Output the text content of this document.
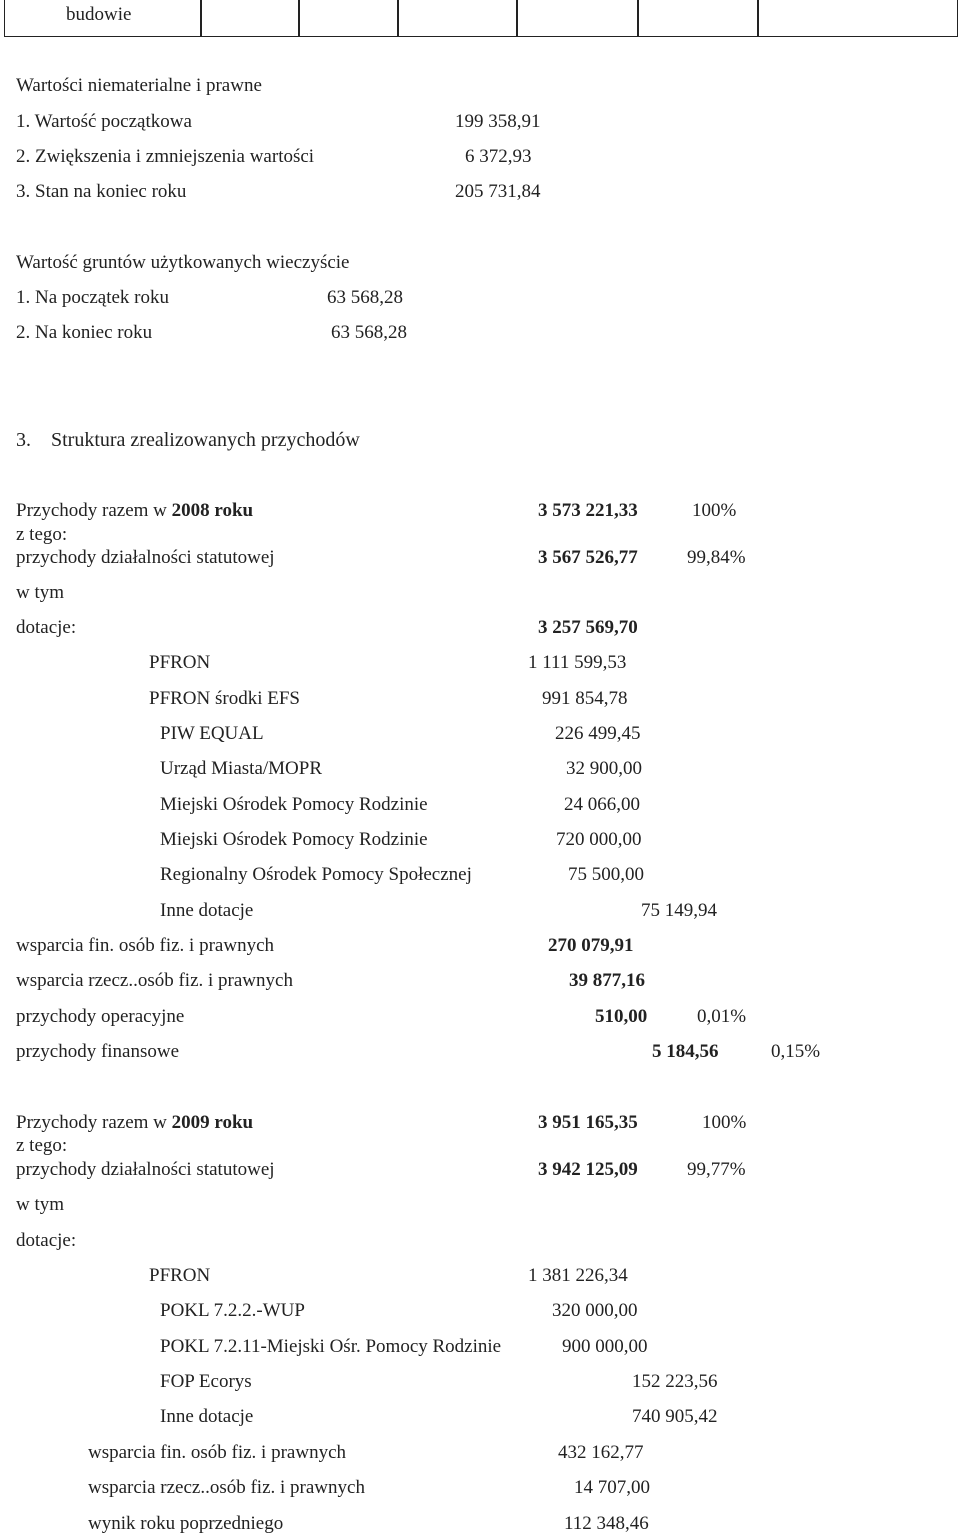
budowie
Wartości niematerialne i prawne
1. Wartość początkowa	199 358,91
2. Zwiększenia i zmniejszenia wartości	6 372,93
3. Stan na koniec roku	205 731,84
Wartość gruntów użytkowanych wieczyście
1. Na początek roku	63 568,28
2. Na koniec roku	63 568,28
3. Struktura zrealizowanych przychodów
Przychody razem w 2008 roku	3 573 221,33	100%
z tego:
przychody działalności statutowej	3 567 526,77	99,84%
w tym
dotacje:	3 257 569,70
PFRON	1 111 599,53
PFRON środki EFS	991 854,78
PIW EQUAL	226 499,45
Urząd Miasta/MOPR	32 900,00
Miejski Ośrodek Pomocy Rodzinie	24 066,00
Miejski Ośrodek Pomocy Rodzinie	720 000,00
Regionalny Ośrodek Pomocy Społecznej	75 500,00
Inne dotacje	75 149,94
wsparcia fin. osób fiz. i prawnych	270 079,91
wsparcia rzecz..osób fiz. i prawnych	39 877,16
przychody operacyjne	510,00	0,01%
przychody finansowe	5 184,56	0,15%
Przychody razem w 2009 roku	3 951 165,35	100%
z tego:
przychody działalności statutowej	3 942 125,09	99,77%
w tym
dotacje:
PFRON	1 381 226,34
POKL 7.2.2.-WUP	320 000,00
POKL 7.2.11-Miejski Ośr. Pomocy Rodzinie	900 000,00
FOP Ecorys	152 223,56
Inne dotacje	740 905,42
wsparcia fin. osób fiz. i prawnych	432 162,77
wsparcia rzecz..osób fiz. i prawnych	14 707,00
wynik roku poprzedniego	112 348,46
